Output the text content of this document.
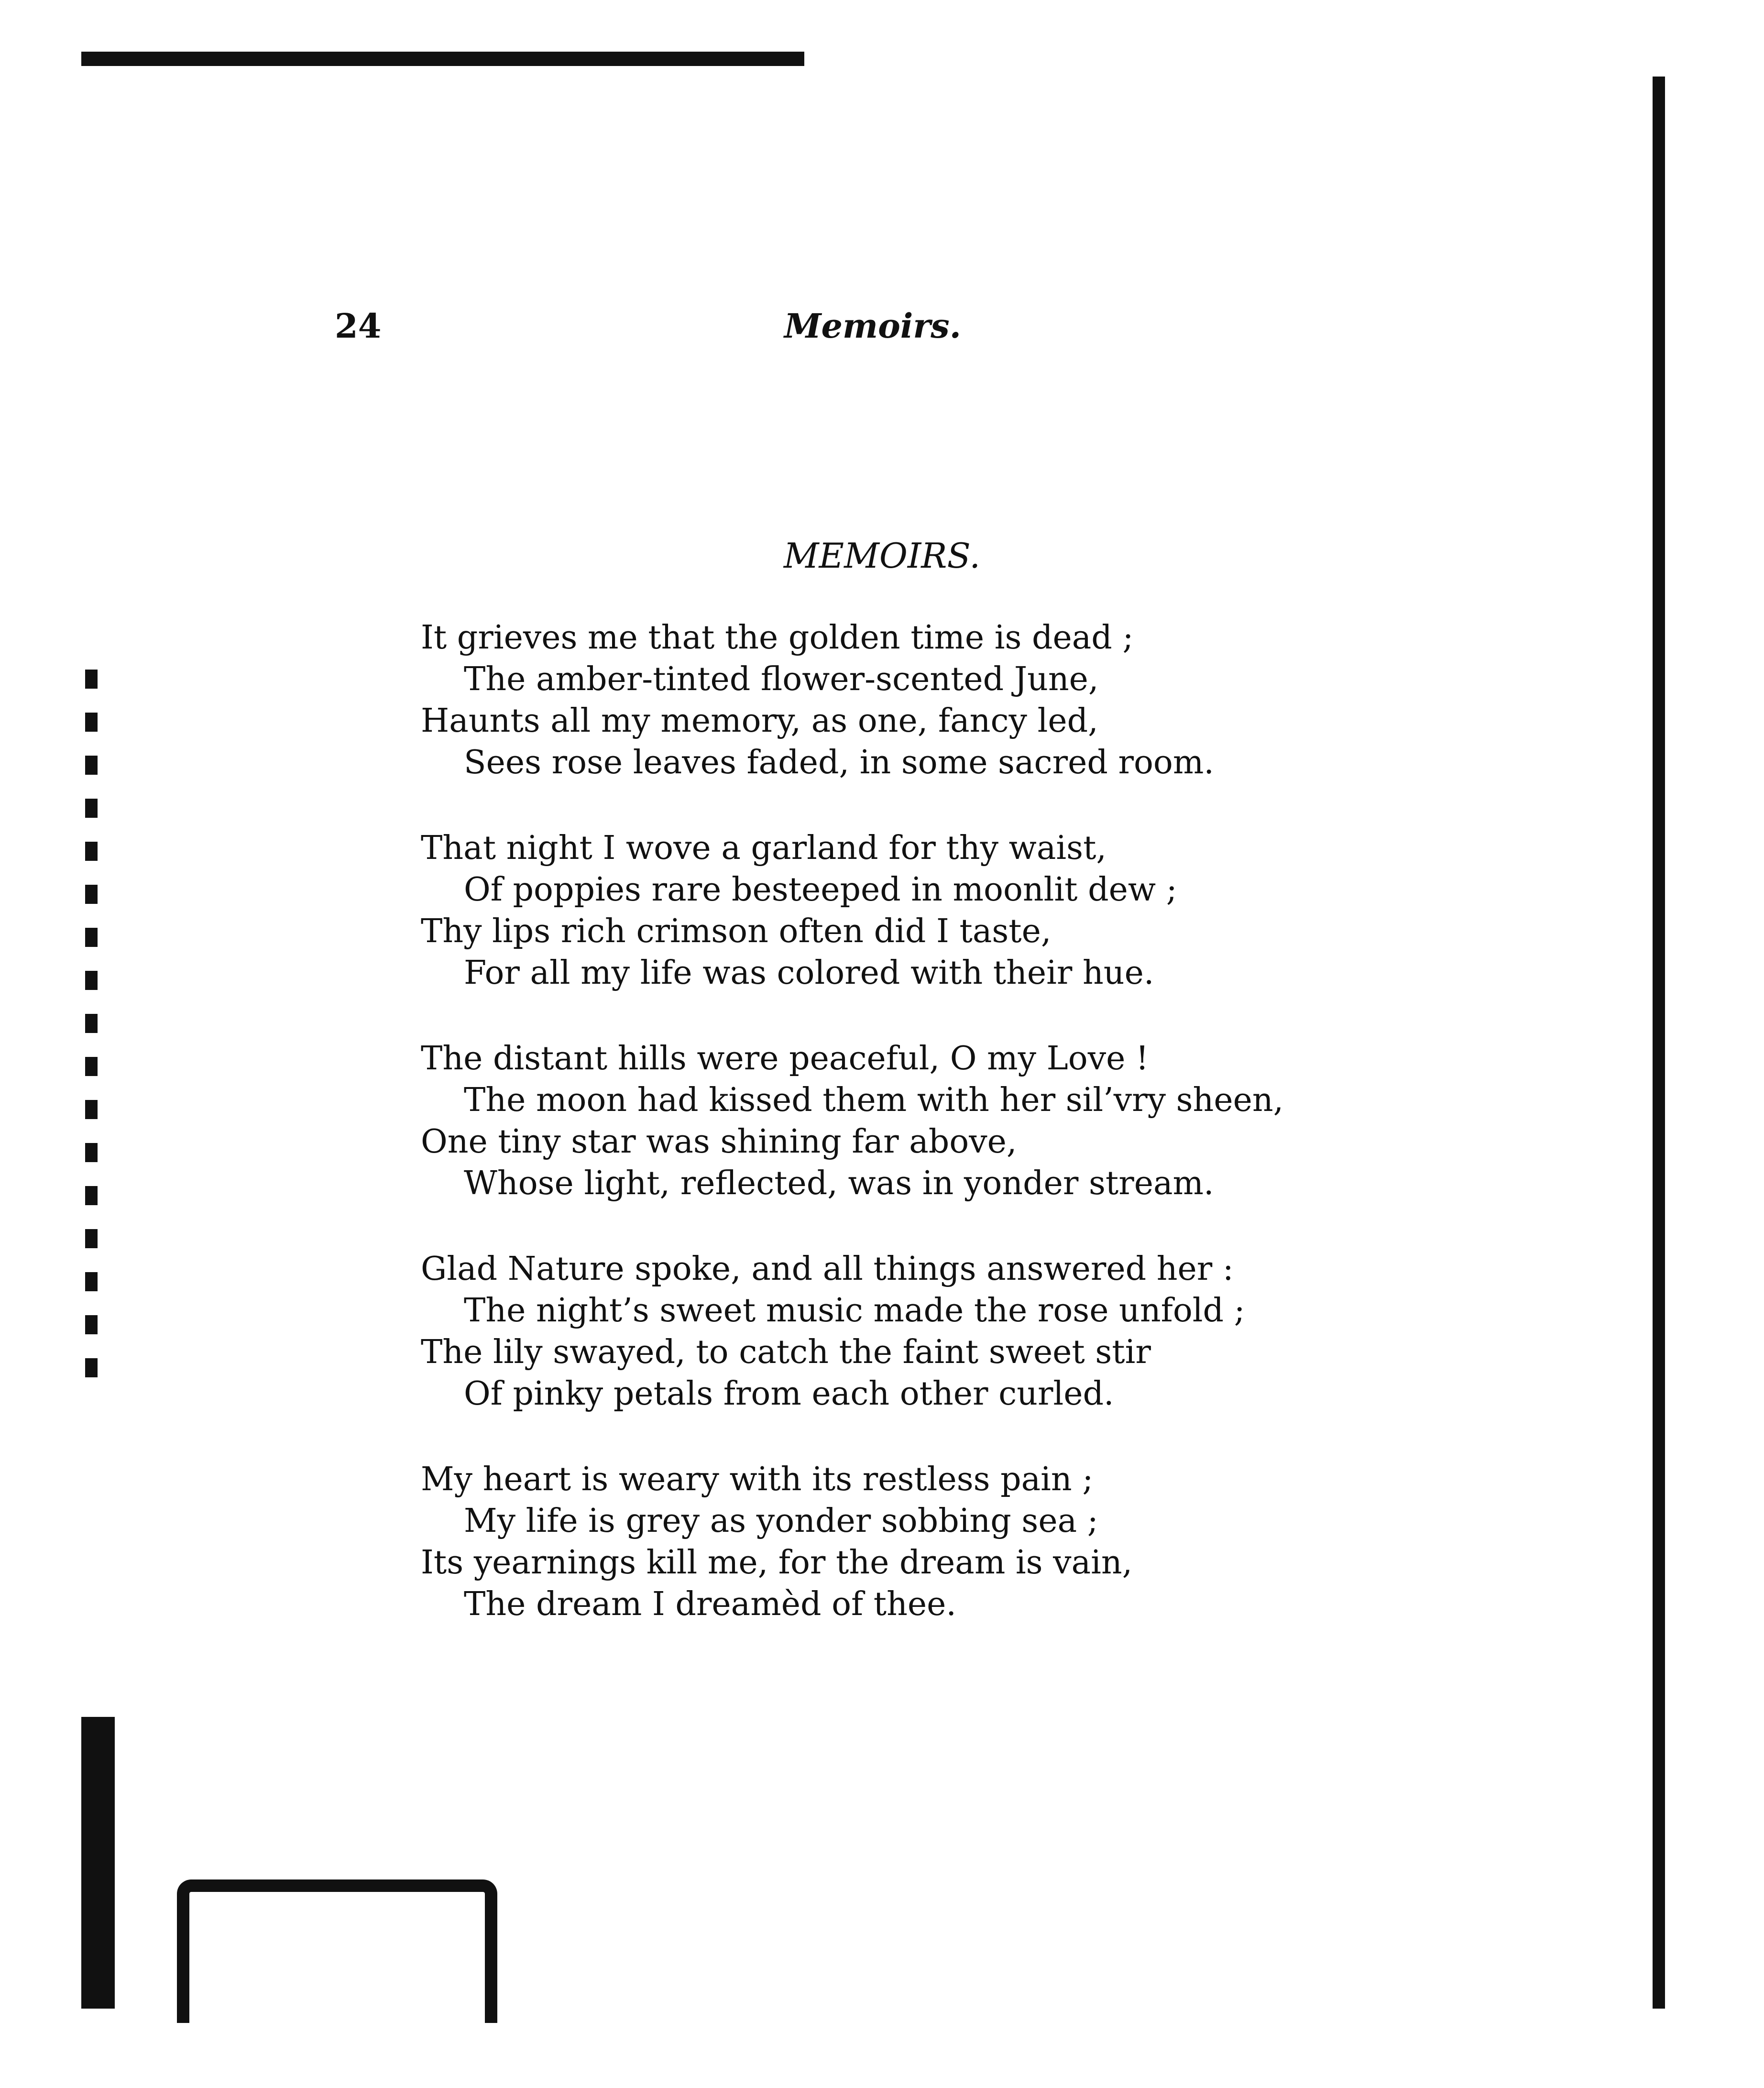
24	Memoirs.
MEMOIRS.
It grieves me that the golden time is dead ;
The amber-tinted flower-scented June,
Haunts all my memory, as one, fancy led,
Sees rose leaves faded, in some sacred room.
That night I wove a garland for thy waist,
Of poppies rare besteeped in moonlit dew ;
Thy lips rich crimson often did I taste,
For all my life was colored with their hue.
The distant hills were peaceful, O my Love !
The moon had kissed them with her sil’vry sheen,
One tiny star was shining far above,
Whose light, reflected, was in yonder stream.
Glad Nature spoke, and all things answered her :
The night’s sweet music made the rose unfold ;
The lily swayed, to catch the faint sweet stir
Of pinky petals from each other curled.
My heart is weary with its restless pain ;
My life is grey as yonder sobbing sea ;
Its yearnings kill me, for the dream is vain,
The dream I dreamèd of thee.
